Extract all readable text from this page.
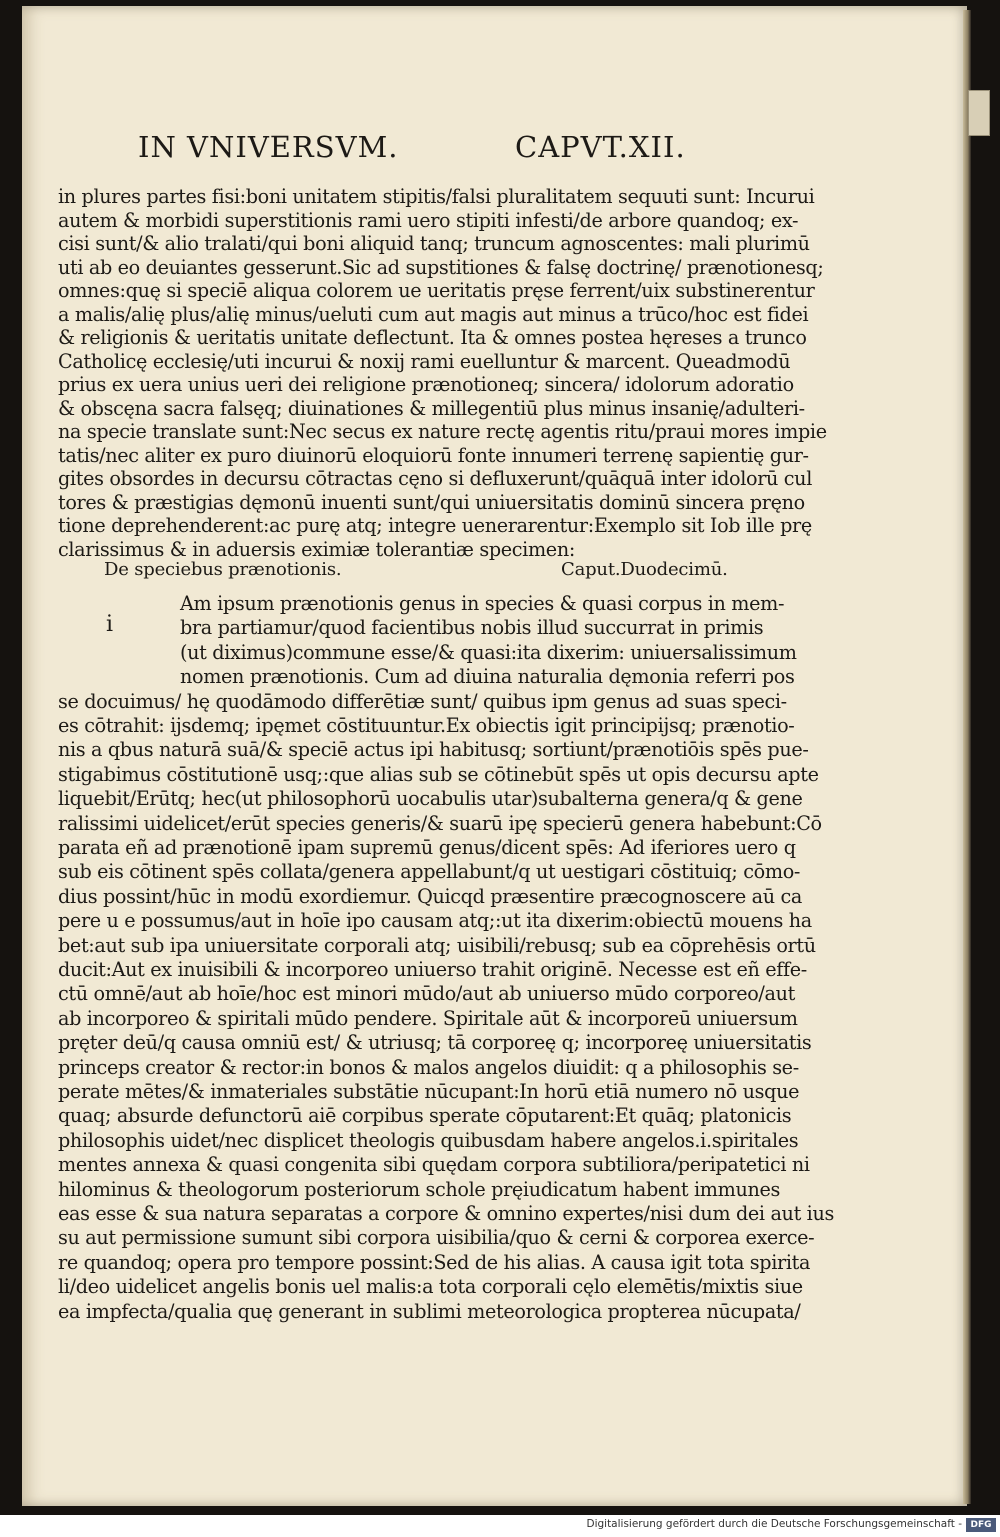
IN VNIVERSVM.	CAPVT.XII.
in plures partes fisi:boni unitatem stipitis/falsi pluralitatem sequuti sunt: Incurui
autem & morbidi superstitionis rami uero stipiti infesti/de arbore quandoq; ex-
cisi sunt/& alio tralati/qui boni aliquid tanq; truncum agnoscentes: mali plurimū
uti ab eo deuiantes gesserunt.Sic ad supstitiones & falsę doctrinę/ prænotionesq;
omnes:quę si speciē aliqua colorem ue ueritatis pręse ferrent/uix substinerentur
a malis/alię plus/alię minus/ueluti cum aut magis aut minus a trūco/hoc est fidei
& religionis & ueritatis unitate deflectunt. Ita & omnes postea hęreses a trunco
Catholicę ecclesię/uti incurui & noxij rami euelluntur & marcent. Queadmodū
prius ex uera unius ueri dei religione prænotioneq; sincera/ idolorum adoratio
& obscęna sacra falsęq; diuinationes & millegentiū plus minus insanię/adulteri-
na specie translate sunt:Nec secus ex nature rectę agentis ritu/praui mores impie
tatis/nec aliter ex puro diuinorū eloquiorū fonte innumeri terrenę sapientię gur-
gites obsordes in decursu cōtractas cęno si defluxerunt/quāquā inter idolorū cul
tores & præstigias dęmonū inuenti sunt/qui uniuersitatis dominū sincera pręno
tione deprehenderent:ac purę atq; integre uenerarentur:Exemplo sit Iob ille prę
clarissimus & in aduersis eximiæ tolerantiæ specimen:
De speciebus prænotionis.	Caput.Duodecimū.
i
Am ipsum prænotionis genus in species & quasi corpus in mem-
bra partiamur/quod facientibus nobis illud succurrat in primis
(ut diximus)commune esse/& quasi:ita dixerim: uniuersalissimum
nomen prænotionis. Cum ad diuina naturalia dęmonia referri pos
se docuimus/ hę quodāmodo differētiæ sunt/ quibus ipm genus ad suas speci-
es cōtrahit: ijsdemq; ipęmet cōstituuntur.Ex obiectis igit principijsq; prænotio-
nis a qbus naturā suā/& speciē actus ipi habitusq; sortiunt/prænotiōis spēs pue-
stigabimus cōstitutionē usq;:que alias sub se cōtinebūt spēs ut opis decursu apte
liquebit/Erūtq; hec(ut philosophorū uocabulis utar)subalterna genera/q & gene
ralissimi uidelicet/erūt species generis/& suarū ipę specierū genera habebunt:Cō
parata eñ ad prænotionē ipam supremū genus/dicent spēs: Ad iferiores uero q
sub eis cōtinent spēs collata/genera appellabunt/q ut uestigari cōstituiq; cōmo-
dius possint/hūc in modū exordiemur. Quicqd præsentire præcognoscere aū ca
pere u e possumus/aut in hoīe ipo causam atq;:ut ita dixerim:obiectū mouens ha
bet:aut sub ipa uniuersitate corporali atq; uisibili/rebusq; sub ea cōprehēsis ortū
ducit:Aut ex inuisibili & incorporeo uniuerso trahit originē. Necesse est eñ effe-
ctū omnē/aut ab hoīe/hoc est minori mūdo/aut ab uniuerso mūdo corporeo/aut
ab incorporeo & spiritali mūdo pendere. Spiritale aūt & incorporeū uniuersum
pręter deū/q causa omniū est/ & utriusq; tā corporeę q; incorporeę uniuersitatis
princeps creator & rector:in bonos & malos angelos diuidit: q a philosophis se-
perate mētes/& inmateriales substātie nūcupant:In horū etiā numero nō usque
quaq; absurde defunctorū aiē corpibus sperate cōputarent:Et quāq; platonicis
philosophis uidet/nec displicet theologis quibusdam habere angelos.i.spiritales
mentes annexa & quasi congenita sibi quędam corpora subtiliora/peripatetici ni
hilominus & theologorum posteriorum schole pręiudicatum habent immunes
eas esse & sua natura separatas a corpore & omnino expertes/nisi dum dei aut ius
su aut permissione sumunt sibi corpora uisibilia/quo & cerni & corporea exerce-
re quandoq; opera pro tempore possint:Sed de his alias. A causa igit tota spirita
li/deo uidelicet angelis bonis uel malis:a tota corporali cęlo elemētis/mixtis siue
ea impfecta/qualia quę generant in sublimi meteorologica propterea nūcupata/
Digitalisierung gefördert durch die Deutsche Forschungsgemeinschaft - DFG
